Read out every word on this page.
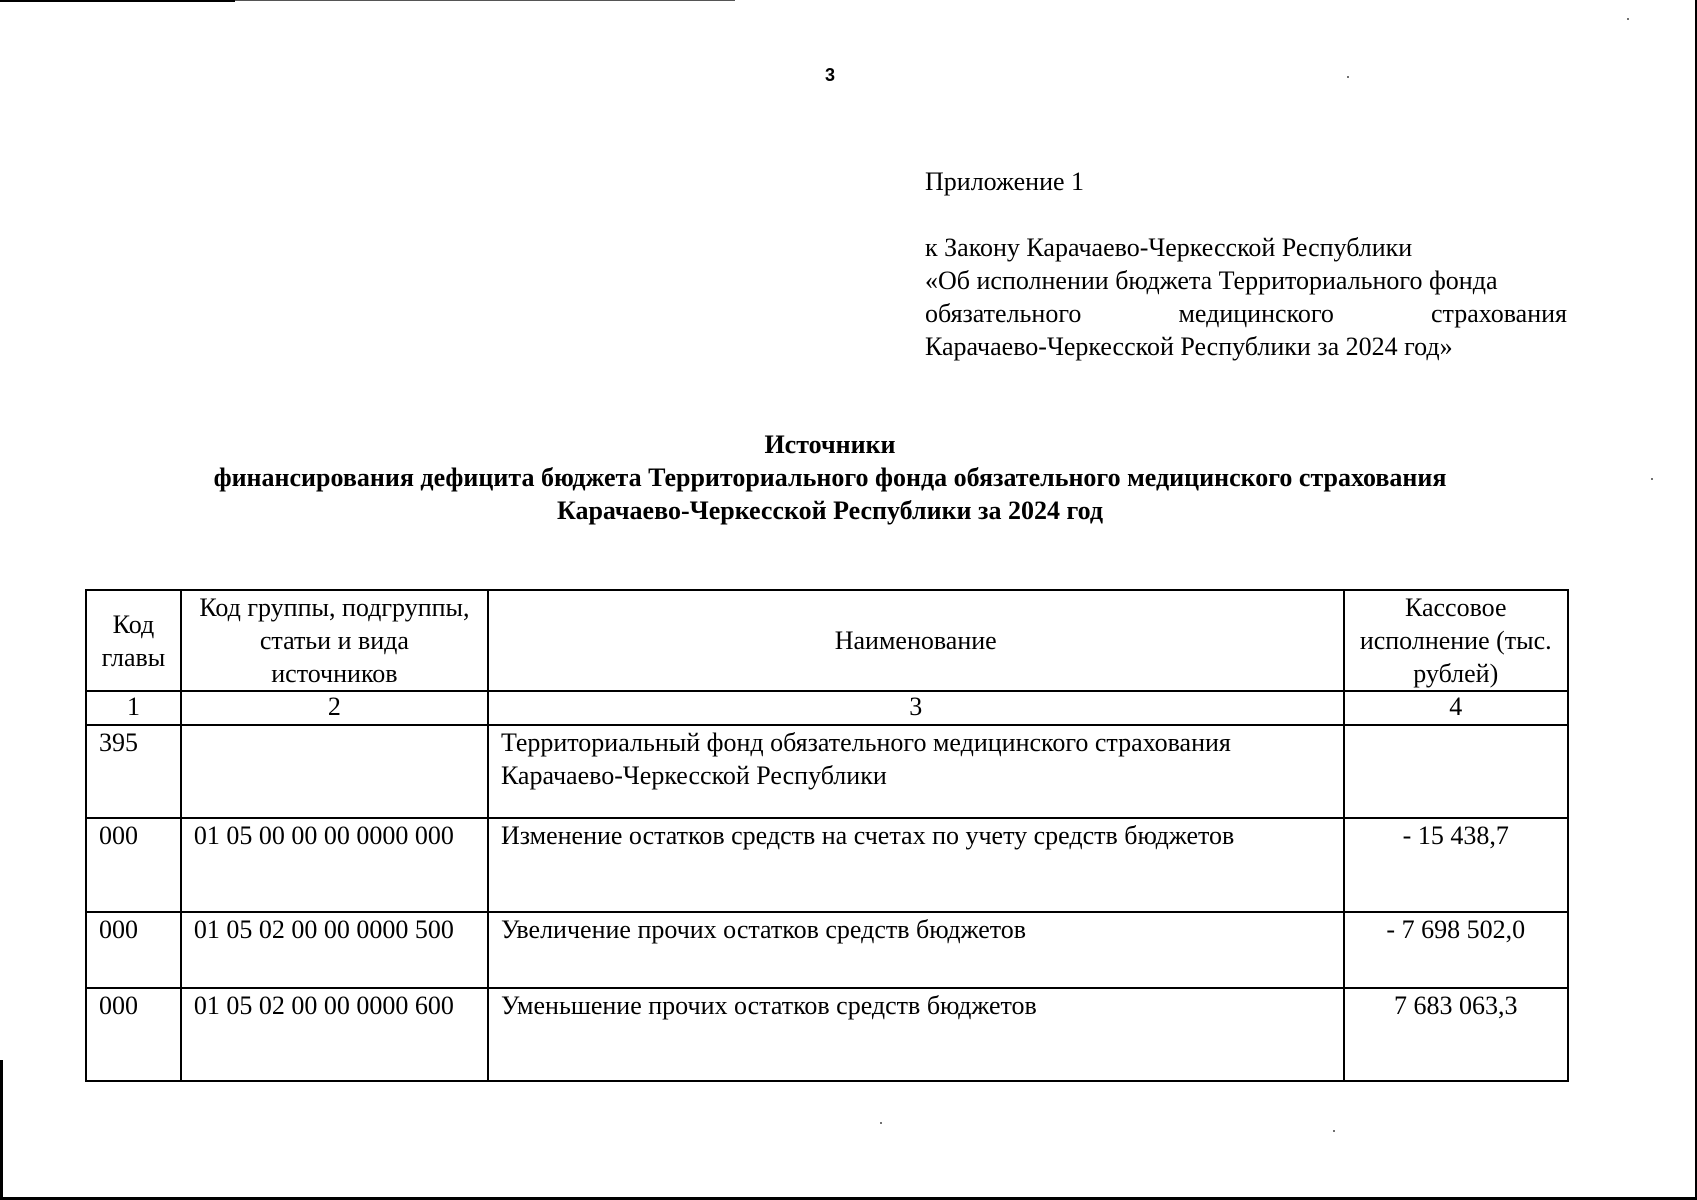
3
Приложение 1
к Закону Карачаево-Черкесской Республики
«Об исполнении бюджета Территориального фонда
обязательного	медицинского	страхования
Карачаево-Черкесской Республики за 2024 год»
Источники
финансирования дефицита бюджета Территориального фонда обязательного медицинского страхования
Карачаево-Черкесской Республики за 2024 год
Код главы	Код группы, подгруппы, статьи и вида источников	Наименование	Кассовое исполнение (тыс. рублей)
1	2	3	4
395		Территориальный фонд обязательного медицинского страхования Карачаево-Черкесской Республики	
000	01 05 00 00 00 0000 000	Изменение остатков средств на счетах по учету средств бюджетов	- 15 438,7
000	01 05 02 00 00 0000 500	Увеличение прочих остатков средств бюджетов	- 7 698 502,0
000	01 05 02 00 00 0000 600	Уменьшение прочих остатков средств бюджетов	7 683 063,3
